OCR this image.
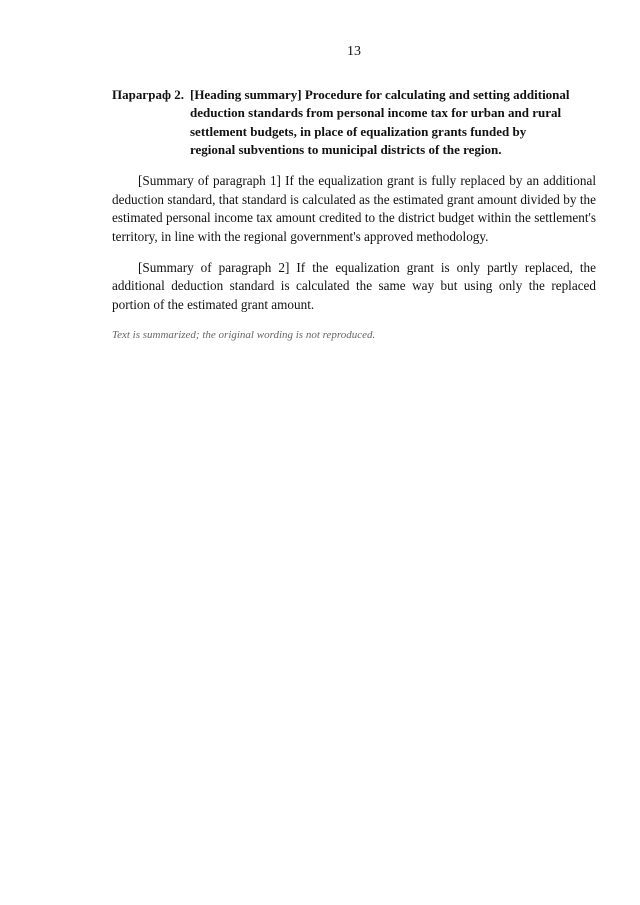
13
Параграф 2. [Heading summary] Procedure for calculating and setting additional deduction standards from personal income tax for urban and rural settlement budgets, in place of equalization grants funded by regional subventions to municipal districts of the region.

[Summary of paragraph 1] If the equalization grant is fully replaced by an additional deduction standard, that standard is calculated as the estimated grant amount divided by the estimated personal income tax amount credited to the district budget within the settlement's territory, in line with the regional government's approved methodology.

[Summary of paragraph 2] If the equalization grant is only partly replaced, the additional deduction standard is calculated the same way but using only the replaced portion of the estimated grant amount.

Text is summarized; the original wording is not reproduced.
